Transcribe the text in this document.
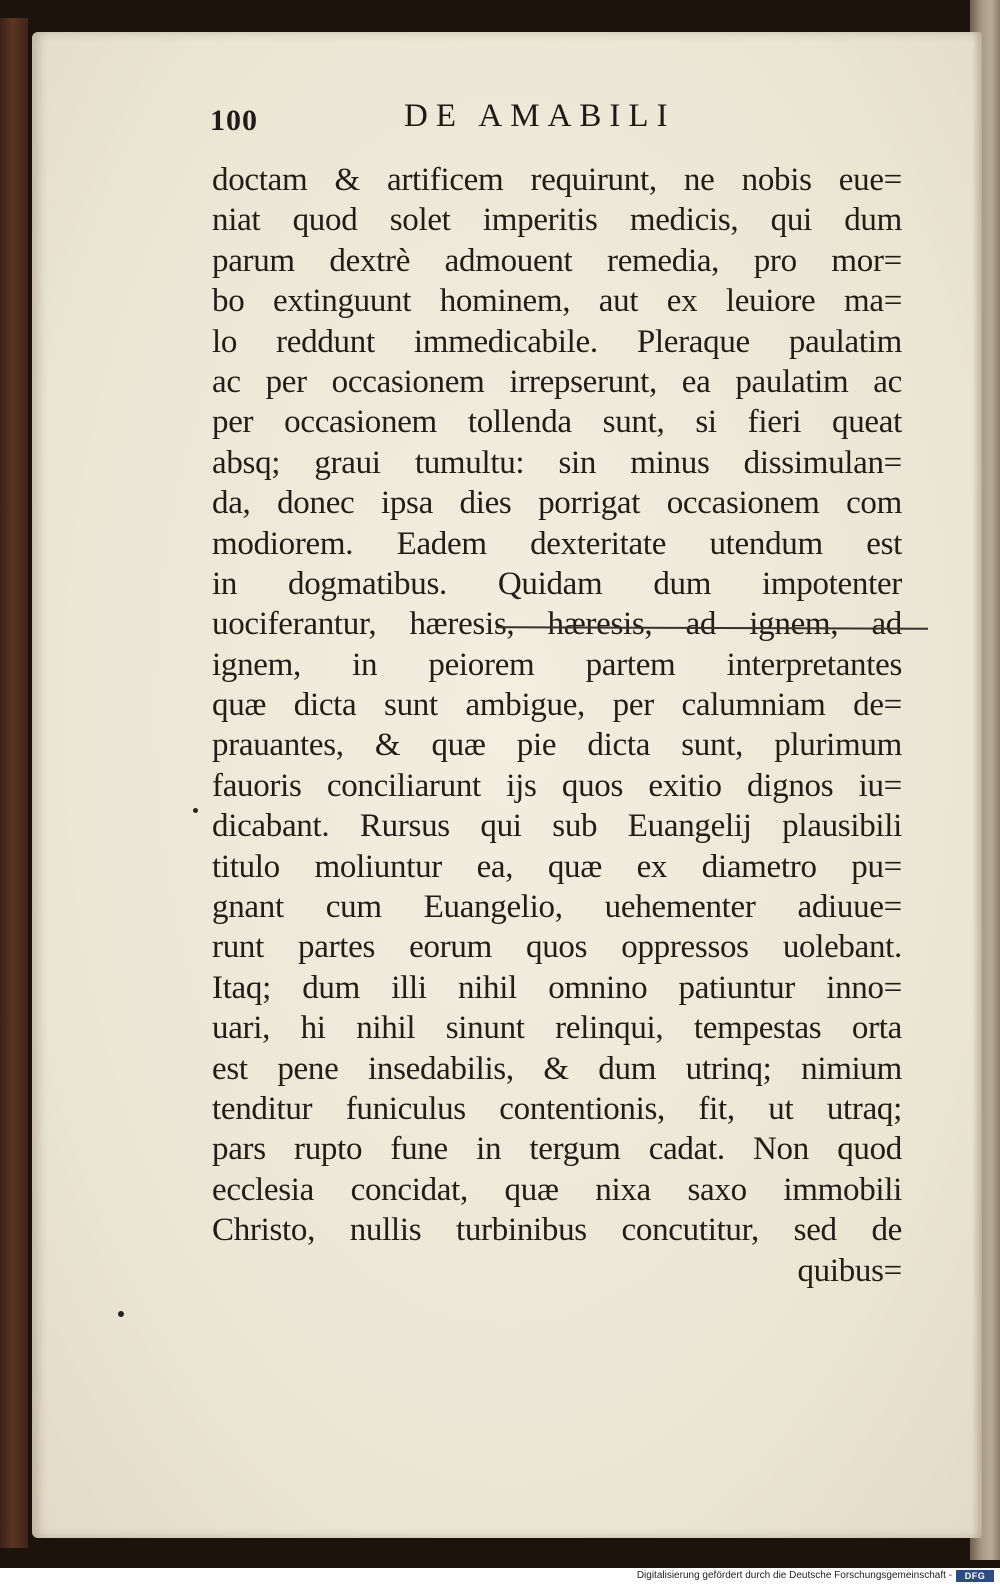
100	DE AMABILI
doctam & artificem requirunt, ne nobis eue=
niat quod solet imperitis medicis, qui dum
parum dextrè admouent remedia, pro mor=
bo extinguunt hominem, aut ex leuiore ma=
lo reddunt immedicabile. Pleraque paulatim
ac per occasionem irrepserunt, ea paulatim ac
per occasionem tollenda sunt, si fieri queat
absq; graui tumultu: sin minus dissimulan=
da, donec ipsa dies porrigat occasionem com
modiorem. Eadem dexteritate utendum est
in dogmatibus. Quidam dum impotenter
uociferantur, hæresis, hæresis, ad ignem, ad
ignem, in peiorem partem interpretantes
quæ dicta sunt ambigue, per calumniam de=
prauantes, & quæ pie dicta sunt, plurimum
fauoris conciliarunt ijs quos exitio dignos iu=
dicabant. Rursus qui sub Euangelij plausibili
titulo moliuntur ea, quæ ex diametro pu=
gnant cum Euangelio, uehementer adiuue=
runt partes eorum quos oppressos uolebant.
Itaq; dum illi nihil omnino patiuntur inno=
uari, hi nihil sinunt relinqui, tempestas orta
est pene insedabilis, & dum utrinq; nimium
tenditur funiculus contentionis, fit, ut utraq;
pars rupto fune in tergum cadat. Non quod
ecclesia concidat, quæ nixa saxo immobili
Christo, nullis turbinibus concutitur, sed de
quibus=
Digitalisierung gefördert durch die Deutsche Forschungsgemeinschaft -	DFG
